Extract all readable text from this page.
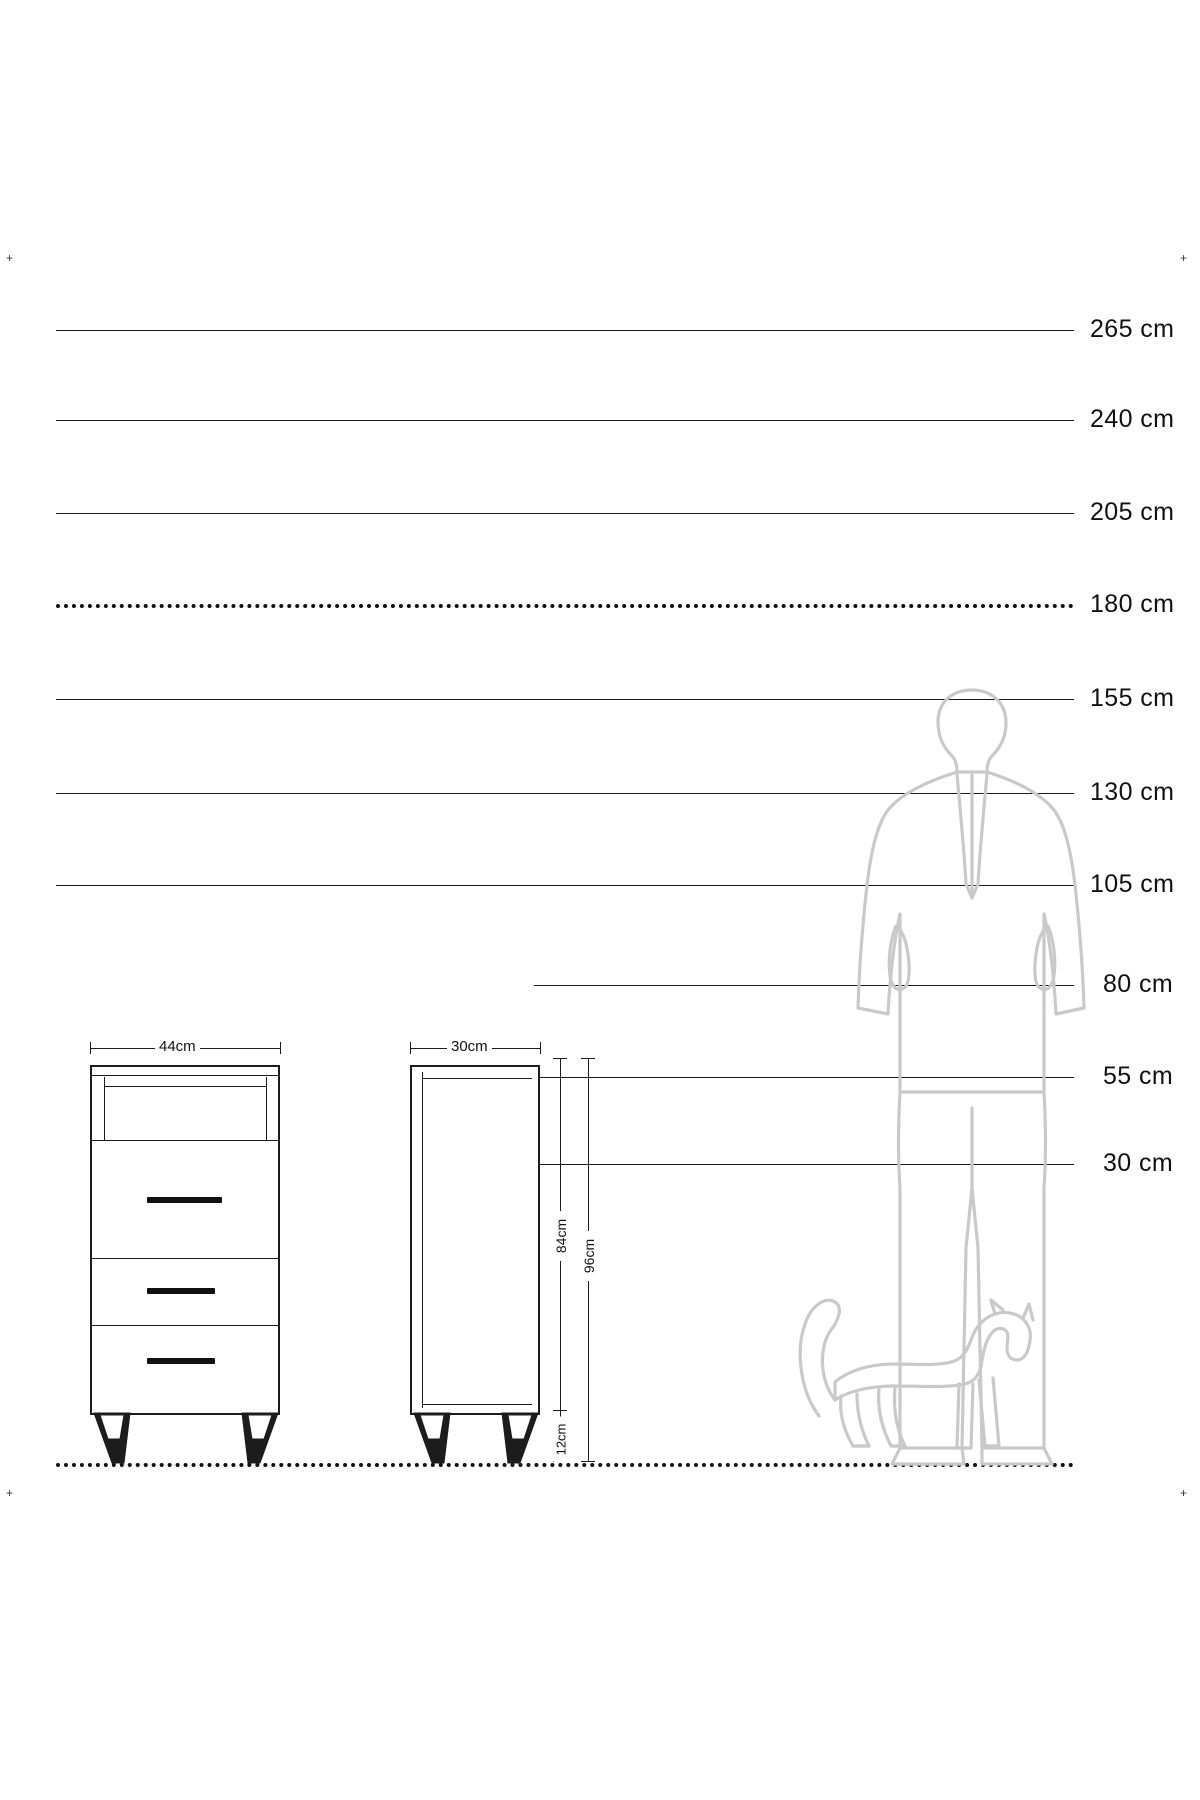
+	+
+	+
265 cm
240 cm
205 cm
180 cm
155 cm
130 cm
105 cm
80 cm
55 cm
30 cm
44cm	30cm
84cm
96cm
12cm
